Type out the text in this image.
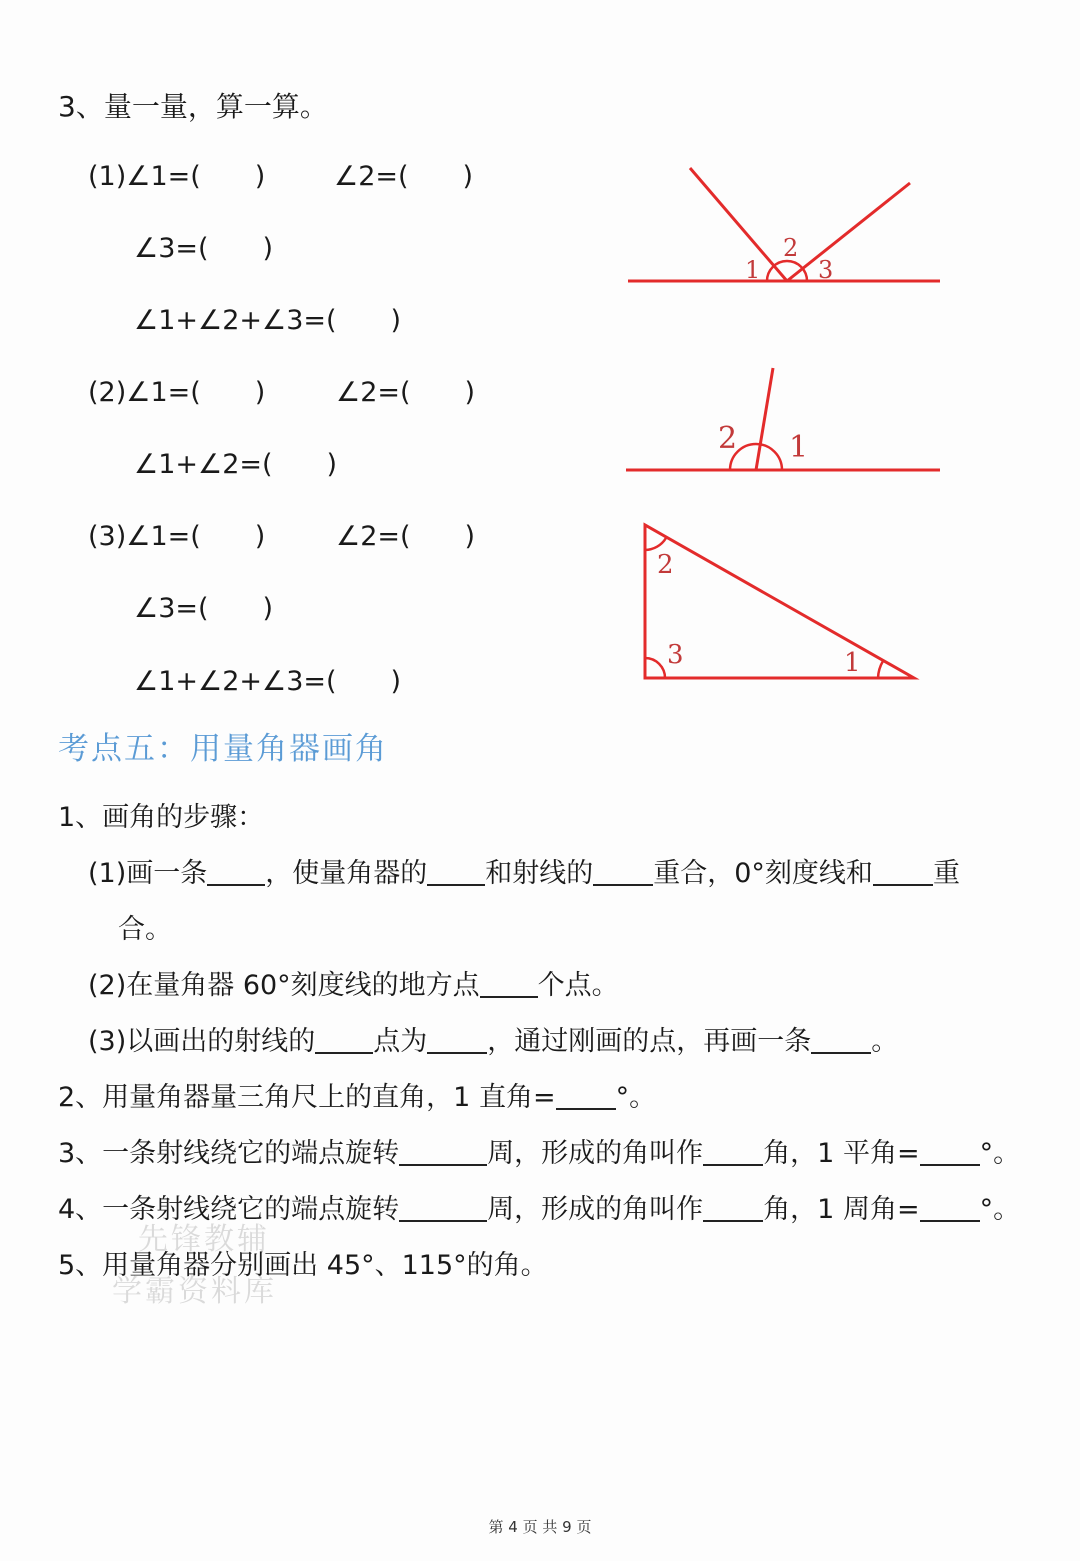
3、量一量，算一算。
(1)∠1=(　　)	∠2=(　　)
∠3=(　　)
∠1+∠2+∠3=(　　)
(2)∠1=(　　)	∠2=(　　)
∠1+∠2=(　　)
(3)∠1=(　　)	∠2=(　　)
∠3=(　　)
∠1+∠2+∠3=(　　)
1
2
3
1
2
1
2
3
考点五：用量角器画角
1、画角的步骤：
(1)画一条 ，使量角器的 和射线的 重合，0°刻度线和 重
合。
(2)在量角器 60°刻度线的地方点 个点。
(3)以画出的射线的 点为 ，通过刚画的点，再画一条 。
2、用量角器量三角尺上的直角，1 直角= °。
3、一条射线绕它的端点旋转	周，形成的角叫作 角，1 平角= °。
4、一条射线绕它的端点旋转	周，形成的角叫作 角，1 周角= °。
5、用量角器分别画出 45°、115°的角。
先锋教辅
学霸资料库
第 4 页 共 9 页
